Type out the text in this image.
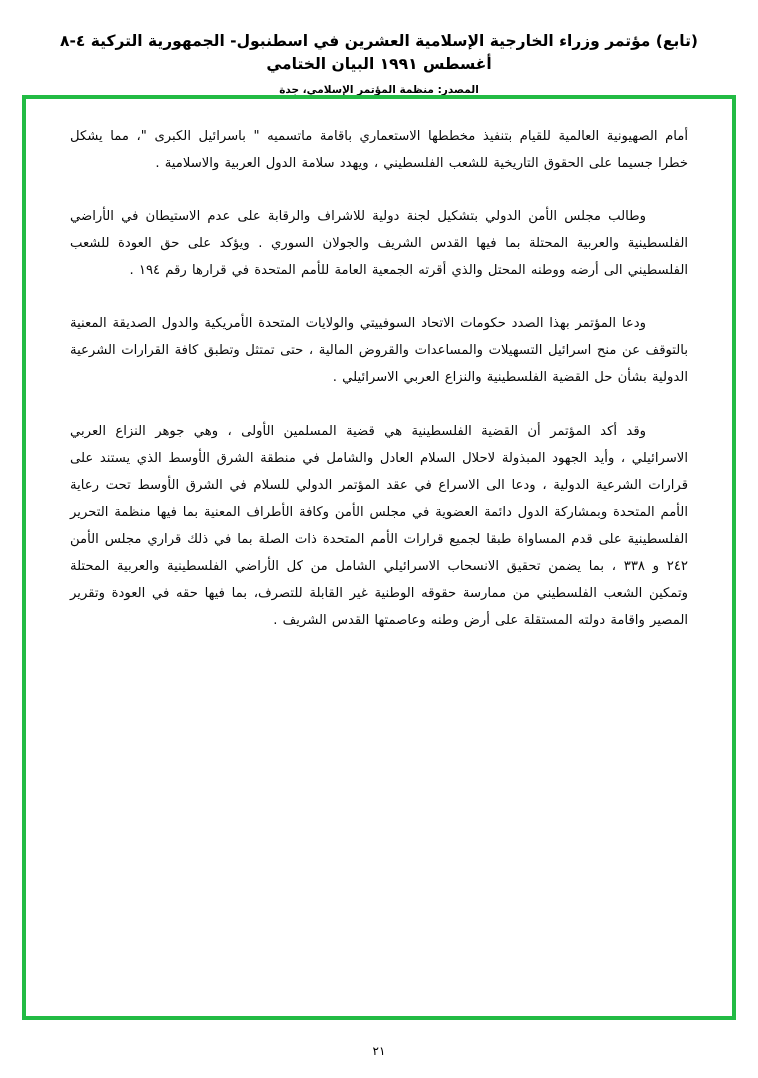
(تابع) مؤتمر وزراء الخارجية الإسلامية العشرين في اسطنبول- الجمهورية التركية ٤-٨ أغسطس ١٩٩١ البيان الختامي
المصدر: منظمة المؤتمر الإسلامي، جدة

أمام الصهيونية العالمية للقيام بتنفيذ مخططها الاستعماري باقامة ماتسميه " باسرائيل الكبرى "، مما يشكل خطرا جسيما على الحقوق التاريخية للشعب الفلسطيني ، ويهدد سلامة الدول العربية والاسلامية .

وطالب مجلس الأمن الدولي بتشكيل لجنة دولية للاشراف والرقابة على عدم الاستيطان في الأراضي الفلسطينية والعربية المحتلة بما فيها القدس الشريف والجولان السوري . ويؤكد على حق العودة للشعب الفلسطيني الى أرضه ووطنه المحتل والذي أقرته الجمعية العامة للأمم المتحدة في قرارها رقم ١٩٤ .

ودعا المؤتمر بهذا الصدد حكومات الاتحاد السوفييتي والولايات المتحدة الأمريكية والدول الصديقة المعنية بالتوقف عن منح اسرائيل التسهيلات والمساعدات والقروض المالية ، حتى تمتثل وتطبق كافة القرارات الشرعية الدولية بشأن حل القضية الفلسطينية والنزاع العربي الاسرائيلي .

وقد أكد المؤتمر أن القضية الفلسطينية هي قضية المسلمين الأولى ، وهي جوهر النزاع العربي الاسرائيلي ، وأيد الجهود المبذولة لاحلال السلام العادل والشامل في منطقة الشرق الأوسط الذي يستند على قرارات الشرعية الدولية ، ودعا الى الاسراع في عقد المؤتمر الدولي للسلام في الشرق الأوسط تحت رعاية الأمم المتحدة وبمشاركة الدول دائمة العضوية في مجلس الأمن وكافة الأطراف المعنية بما فيها منظمة التحرير الفلسطينية على قدم المساواة طبقا لجميع قرارات الأمم المتحدة ذات الصلة بما في ذلك قراري مجلس الأمن ٢٤٢ و ٣٣٨ ، بما يضمن تحقيق الانسحاب الاسرائيلي الشامل من كل الأراضي الفلسطينية والعربية المحتلة وتمكين الشعب الفلسطيني من ممارسة حقوقه الوطنية غير القابلة للتصرف، بما فيها حقه في العودة وتقرير المصير واقامة دولته المستقلة على أرض وطنه وعاصمتها القدس الشريف .

٢١
